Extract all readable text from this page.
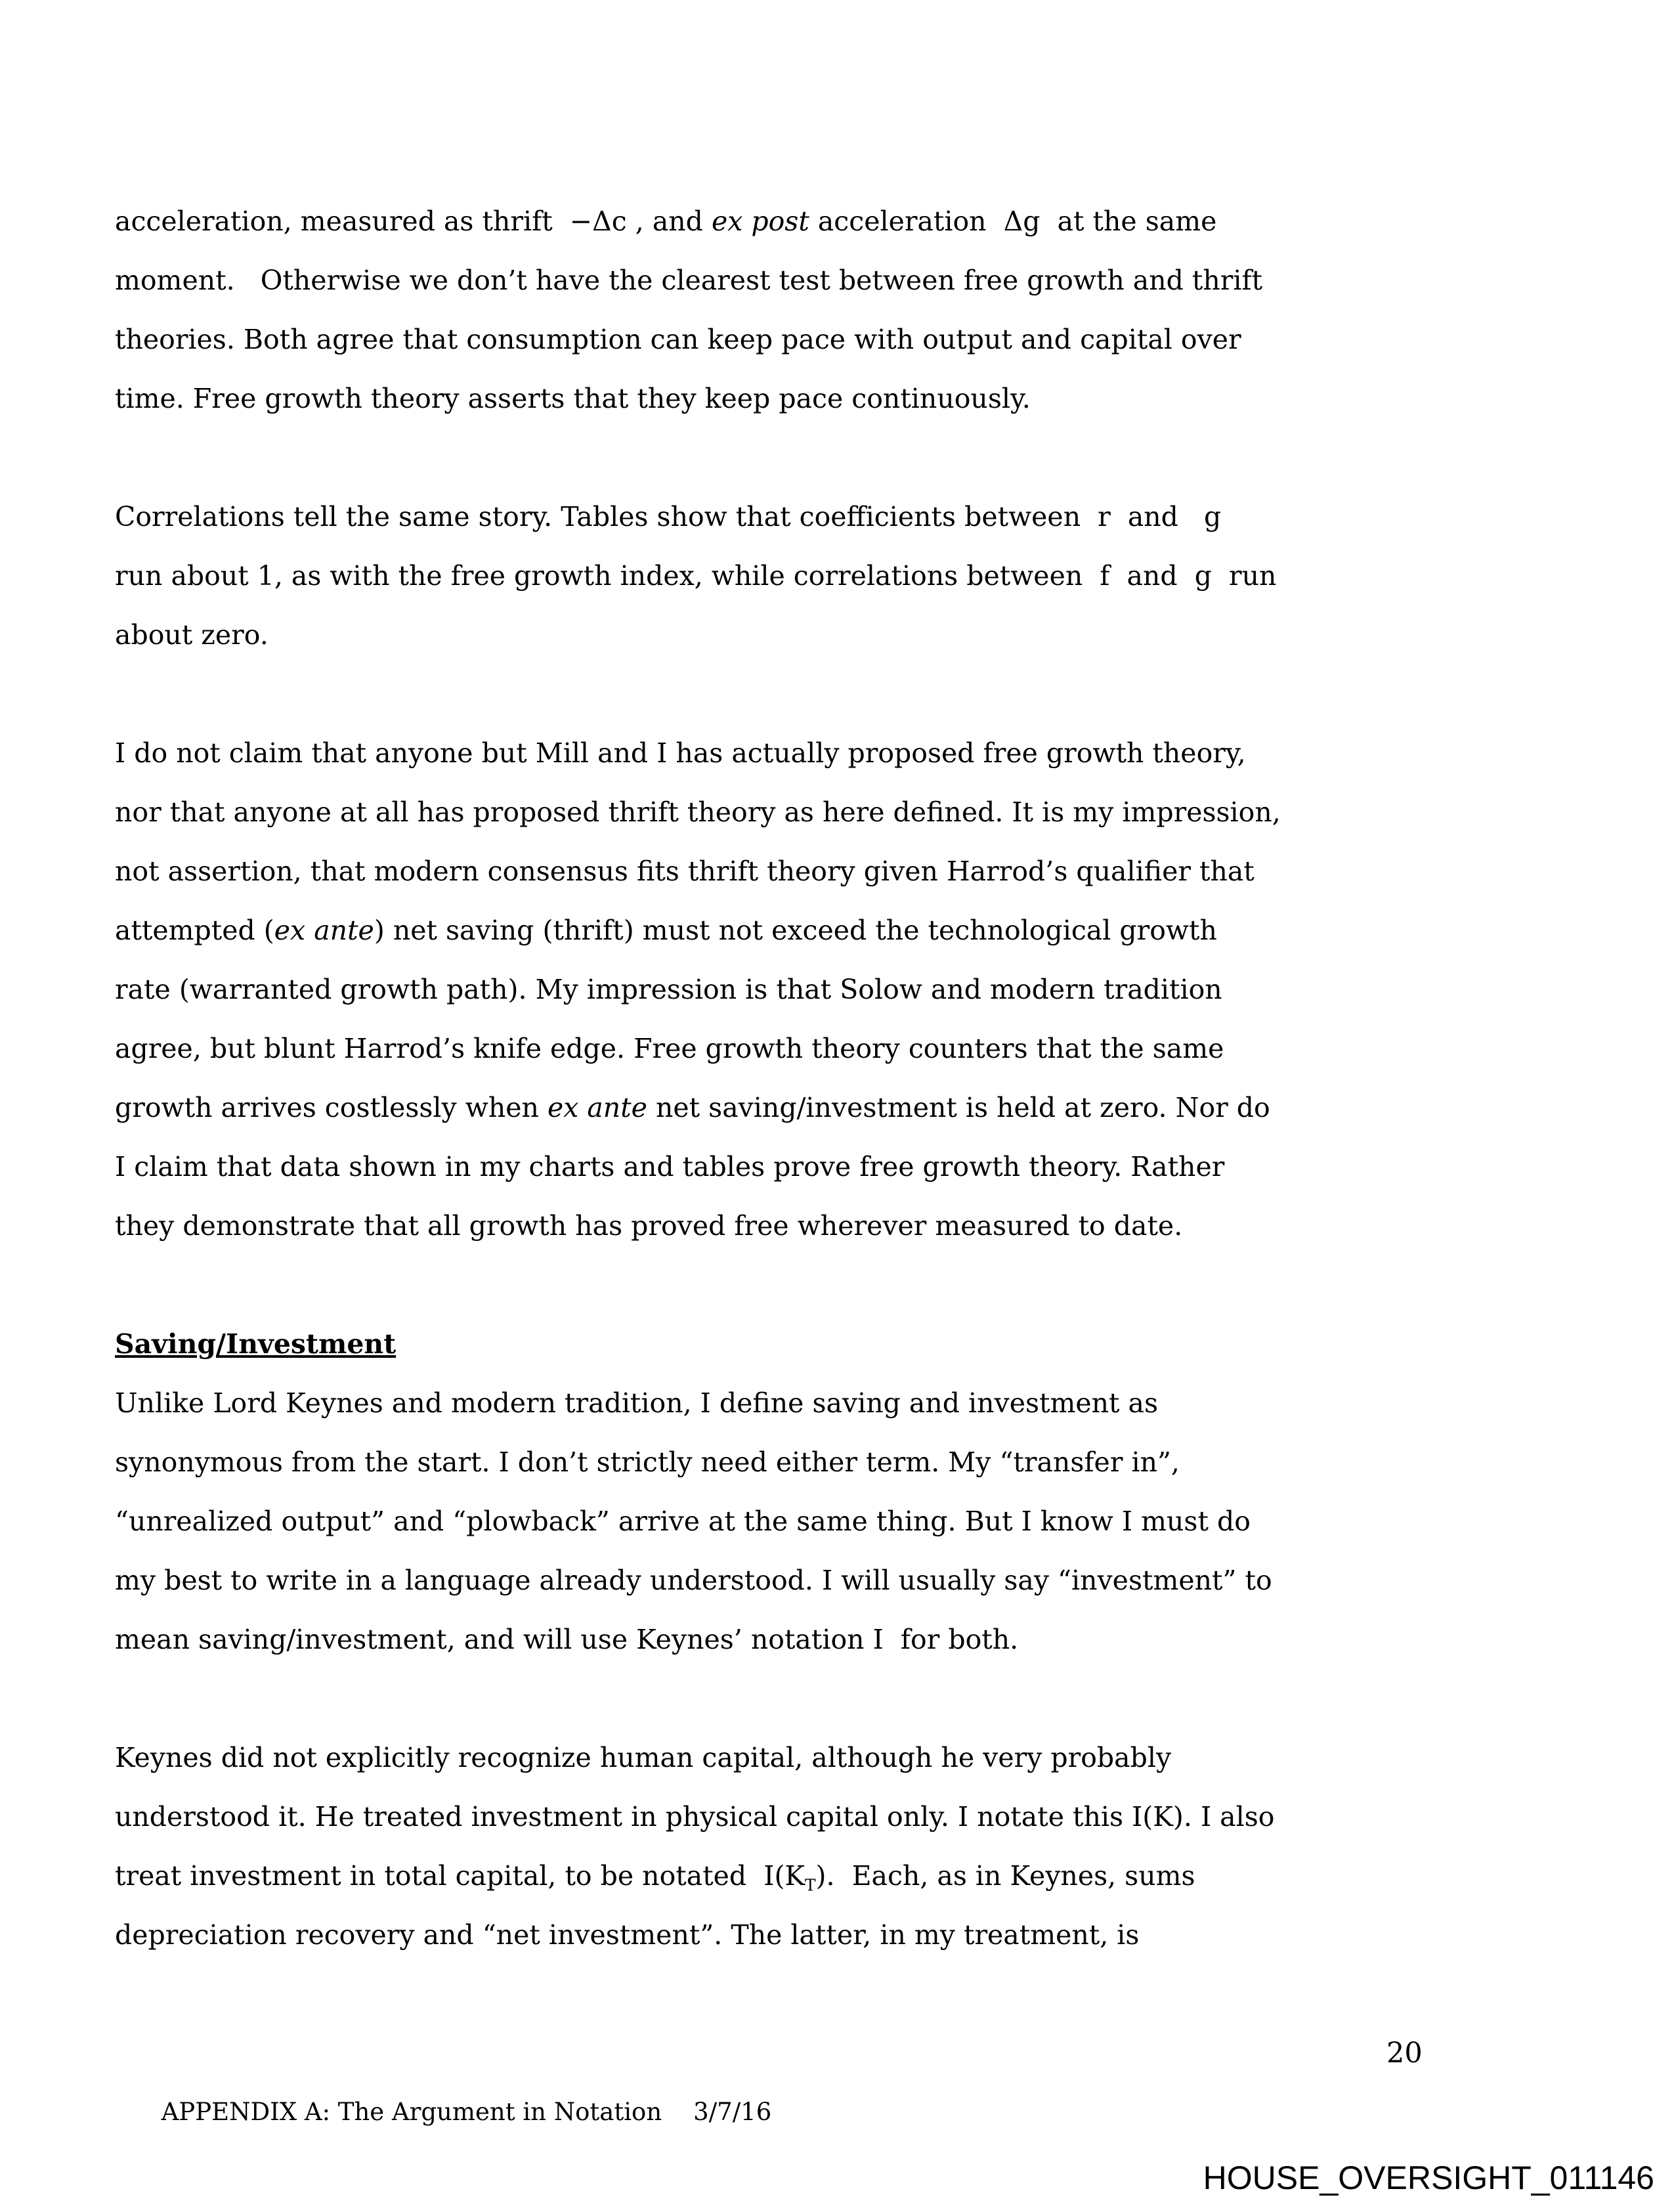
acceleration, measured as thrift  −Δc , and ex post acceleration  Δg  at the same
moment.   Otherwise we don’t have the clearest test between free growth and thrift
theories. Both agree that consumption can keep pace with output and capital over
time. Free growth theory asserts that they keep pace continuously.
Correlations tell the same story. Tables show that coefficients between  r  and   g
run about 1, as with the free growth index, while correlations between  f  and  g  run
about zero.
I do not claim that anyone but Mill and I has actually proposed free growth theory,
nor that anyone at all has proposed thrift theory as here defined. It is my impression,
not assertion, that modern consensus fits thrift theory given Harrod’s qualifier that
attempted (ex ante) net saving (thrift) must not exceed the technological growth
rate (warranted growth path). My impression is that Solow and modern tradition
agree, but blunt Harrod’s knife edge. Free growth theory counters that the same
growth arrives costlessly when ex ante net saving/investment is held at zero. Nor do
I claim that data shown in my charts and tables prove free growth theory. Rather
they demonstrate that all growth has proved free wherever measured to date.
Saving/Investment
Unlike Lord Keynes and modern tradition, I define saving and investment as
synonymous from the start. I don’t strictly need either term. My “transfer in”,
“unrealized output” and “plowback” arrive at the same thing. But I know I must do
my best to write in a language already understood. I will usually say “investment” to
mean saving/investment, and will use Keynes’ notation I  for both.
Keynes did not explicitly recognize human capital, although he very probably
understood it. He treated investment in physical capital only. I notate this I(K). I also
treat investment in total capital, to be notated  $I(K_T)$.  Each, as in Keynes, sums
depreciation recovery and “net investment”. The latter, in my treatment, is

APPENDIX A: The Argument in Notation 3/7/16

20

HOUSE_OVERSIGHT_011146
